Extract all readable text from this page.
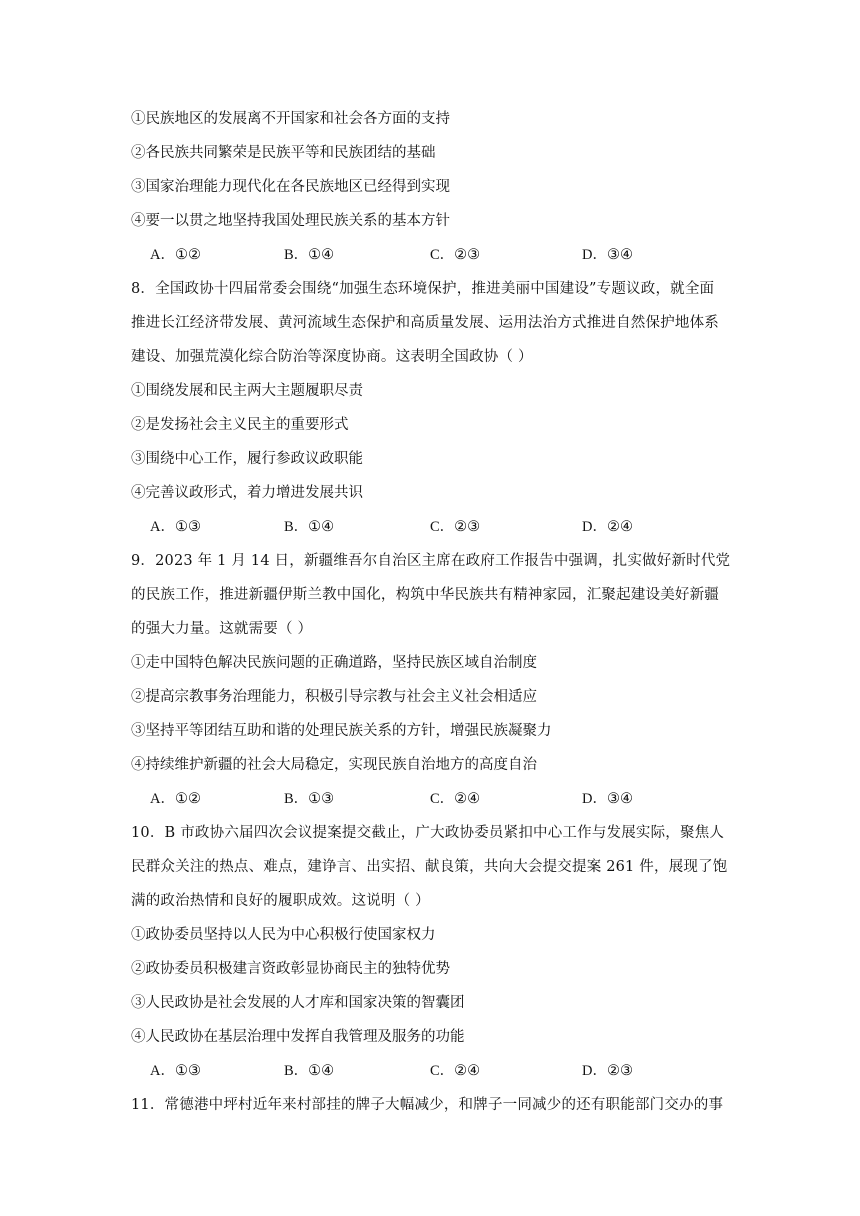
①民族地区的发展离不开国家和社会各方面的支持
②各民族共同繁荣是民族平等和民族团结的基础
③国家治理能力现代化在各民族地区已经得到实现
④要一以贯之地坚持我国处理民族关系的基本方针
A．①②	B．①④	C．②③	D．③④
8．全国政协十四届常委会围绕“加强生态环境保护，推进美丽中国建设”专题议政，就全面
推进长江经济带发展、黄河流域生态保护和高质量发展、运用法治方式推进自然保护地体系
建设、加强荒漠化综合防治等深度协商。这表明全国政协（ ）
①围绕发展和民主两大主题履职尽责
②是发扬社会主义民主的重要形式
③围绕中心工作，履行参政议政职能
④完善议政形式，着力增进发展共识
A．①③	B．①④	C．②③	D．②④
9．2023 年 1 月 14 日，新疆维吾尔自治区主席在政府工作报告中强调，扎实做好新时代党
的民族工作，推进新疆伊斯兰教中国化，构筑中华民族共有精神家园，汇聚起建设美好新疆
的强大力量。这就需要（ ）
①走中国特色解决民族问题的正确道路，坚持民族区域自治制度
②提高宗教事务治理能力，积极引导宗教与社会主义社会相适应
③坚持平等团结互助和谐的处理民族关系的方针，增强民族凝聚力
④持续维护新疆的社会大局稳定，实现民族自治地方的高度自治
A．①②	B．①③	C．②④	D．③④
10．B 市政协六届四次会议提案提交截止，广大政协委员紧扣中心工作与发展实际，聚焦人
民群众关注的热点、难点，建诤言、出实招、献良策，共向大会提交提案 261 件，展现了饱
满的政治热情和良好的履职成效。这说明（ ）
①政协委员坚持以人民为中心积极行使国家权力
②政协委员积极建言资政彰显协商民主的独特优势
③人民政协是社会发展的人才库和国家决策的智囊团
④人民政协在基层治理中发挥自我管理及服务的功能
A．①③	B．①④	C．②④	D．②③
11．常德港中坪村近年来村部挂的牌子大幅减少，和牌子一同减少的还有职能部门交办的事
